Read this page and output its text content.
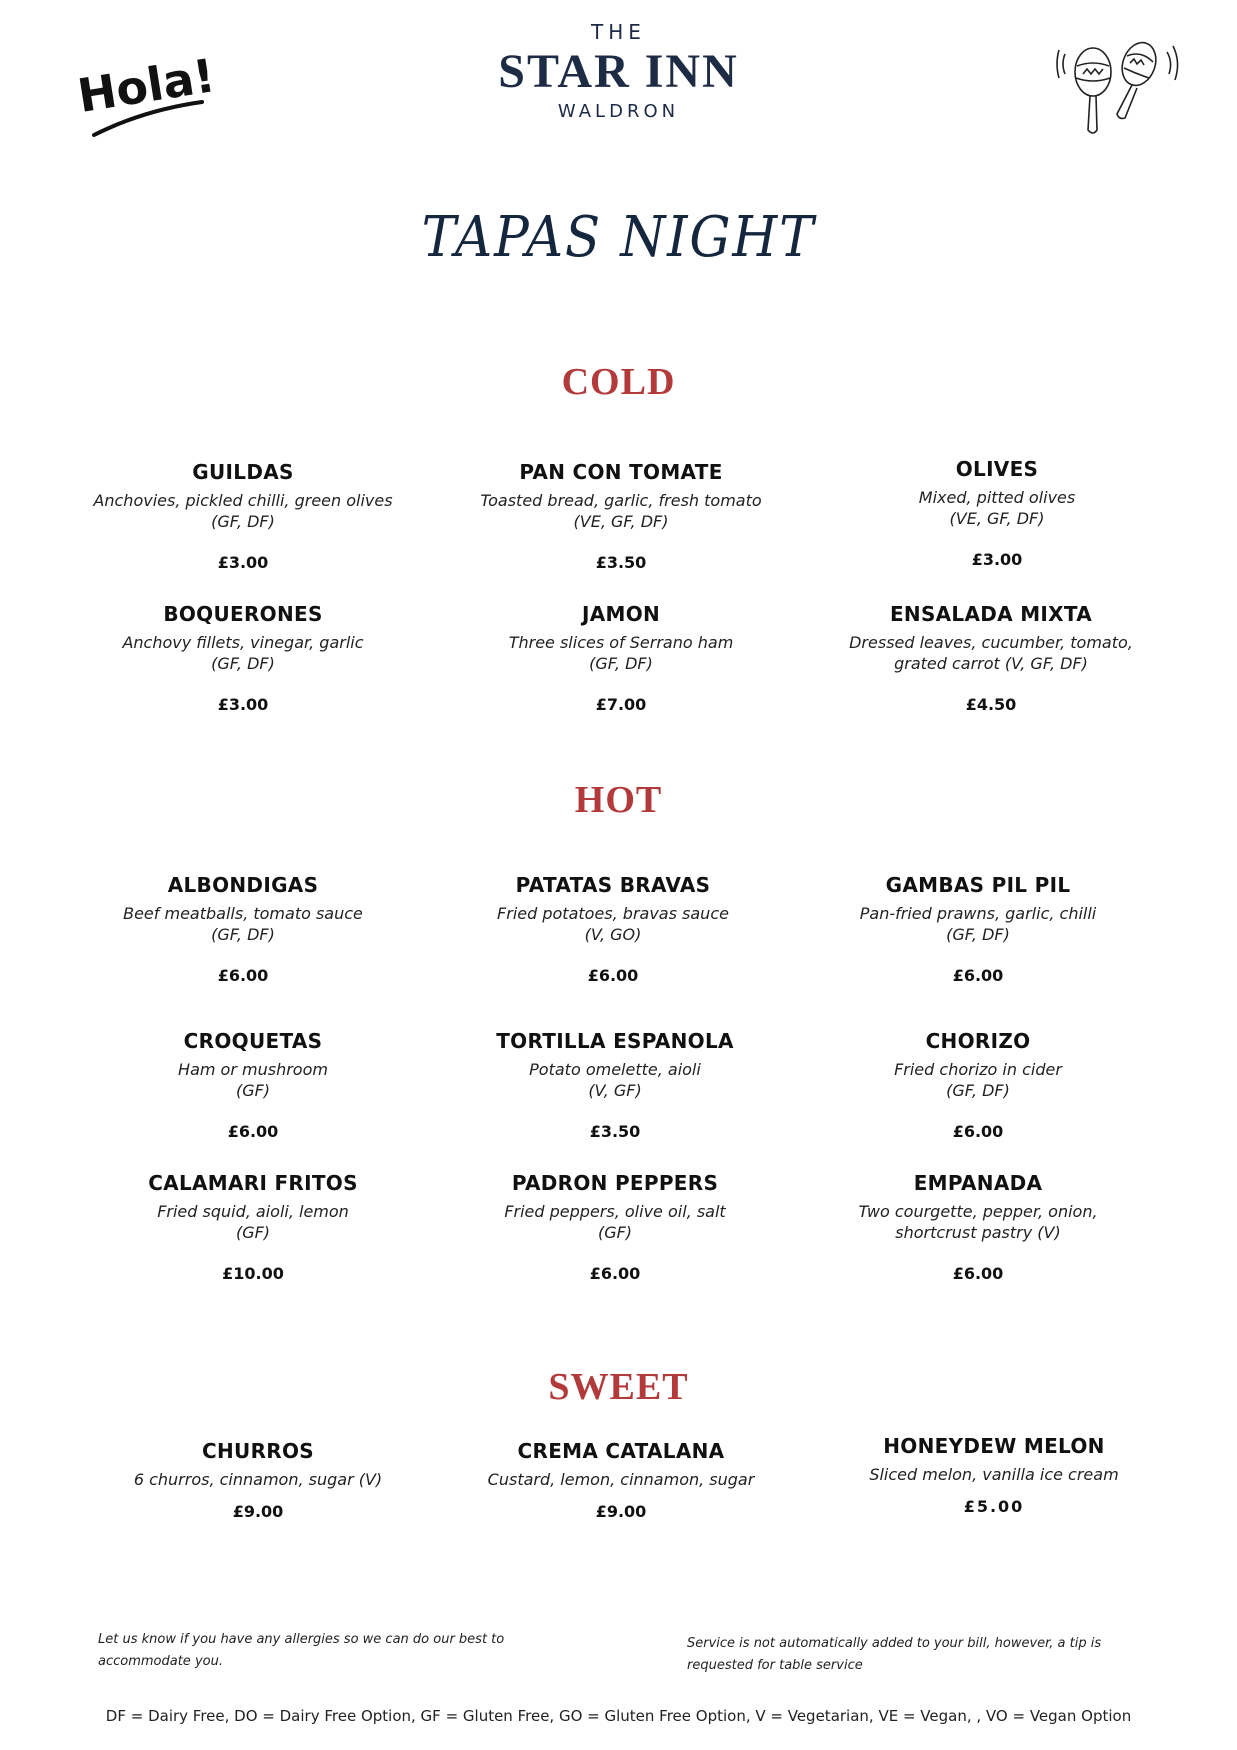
THE
STAR INN
WALDRON
Hola!
TAPAS NIGHT
COLD
GUILDAS
Anchovies, pickled chilli, green olives
(GF, DF)
£3.00
PAN CON TOMATE
Toasted bread, garlic, fresh tomato
(VE, GF, DF)
£3.50
OLIVES
Mixed, pitted olives
(VE, GF, DF)
£3.00
BOQUERONES
Anchovy fillets, vinegar, garlic
(GF, DF)
£3.00
JAMON
Three slices of Serrano ham
(GF, DF)
£7.00
ENSALADA MIXTA
Dressed leaves, cucumber, tomato,
grated carrot (V, GF, DF)
£4.50
HOT
ALBONDIGAS
Beef meatballs, tomato sauce
(GF, DF)
£6.00
PATATAS BRAVAS
Fried potatoes, bravas sauce
(V, GO)
£6.00
GAMBAS PIL PIL
Pan-fried prawns, garlic, chilli
(GF, DF)
£6.00
CROQUETAS
Ham or mushroom
(GF)
£6.00
TORTILLA ESPANOLA
Potato omelette, aioli
(V, GF)
£3.50
CHORIZO
Fried chorizo in cider
(GF, DF)
£6.00
CALAMARI FRITOS
Fried squid, aioli, lemon
(GF)
£10.00
PADRON PEPPERS
Fried peppers, olive oil, salt
(GF)
£6.00
EMPANADA
Two courgette, pepper, onion,
shortcrust pastry (V)
£6.00
SWEET
CHURROS
6 churros, cinnamon, sugar (V)
£9.00
CREMA CATALANA
Custard, lemon, cinnamon, sugar
£9.00
HONEYDEW MELON
Sliced melon, vanilla ice cream
£5.00
Let us know if you have any allergies so we can do our best to
accommodate you.
Service is not automatically added to your bill, however, a tip is
requested for table service
DF = Dairy Free, DO = Dairy Free Option, GF = Gluten Free, GO = Gluten Free Option, V = Vegetarian, VE = Vegan, , VO = Vegan Option
